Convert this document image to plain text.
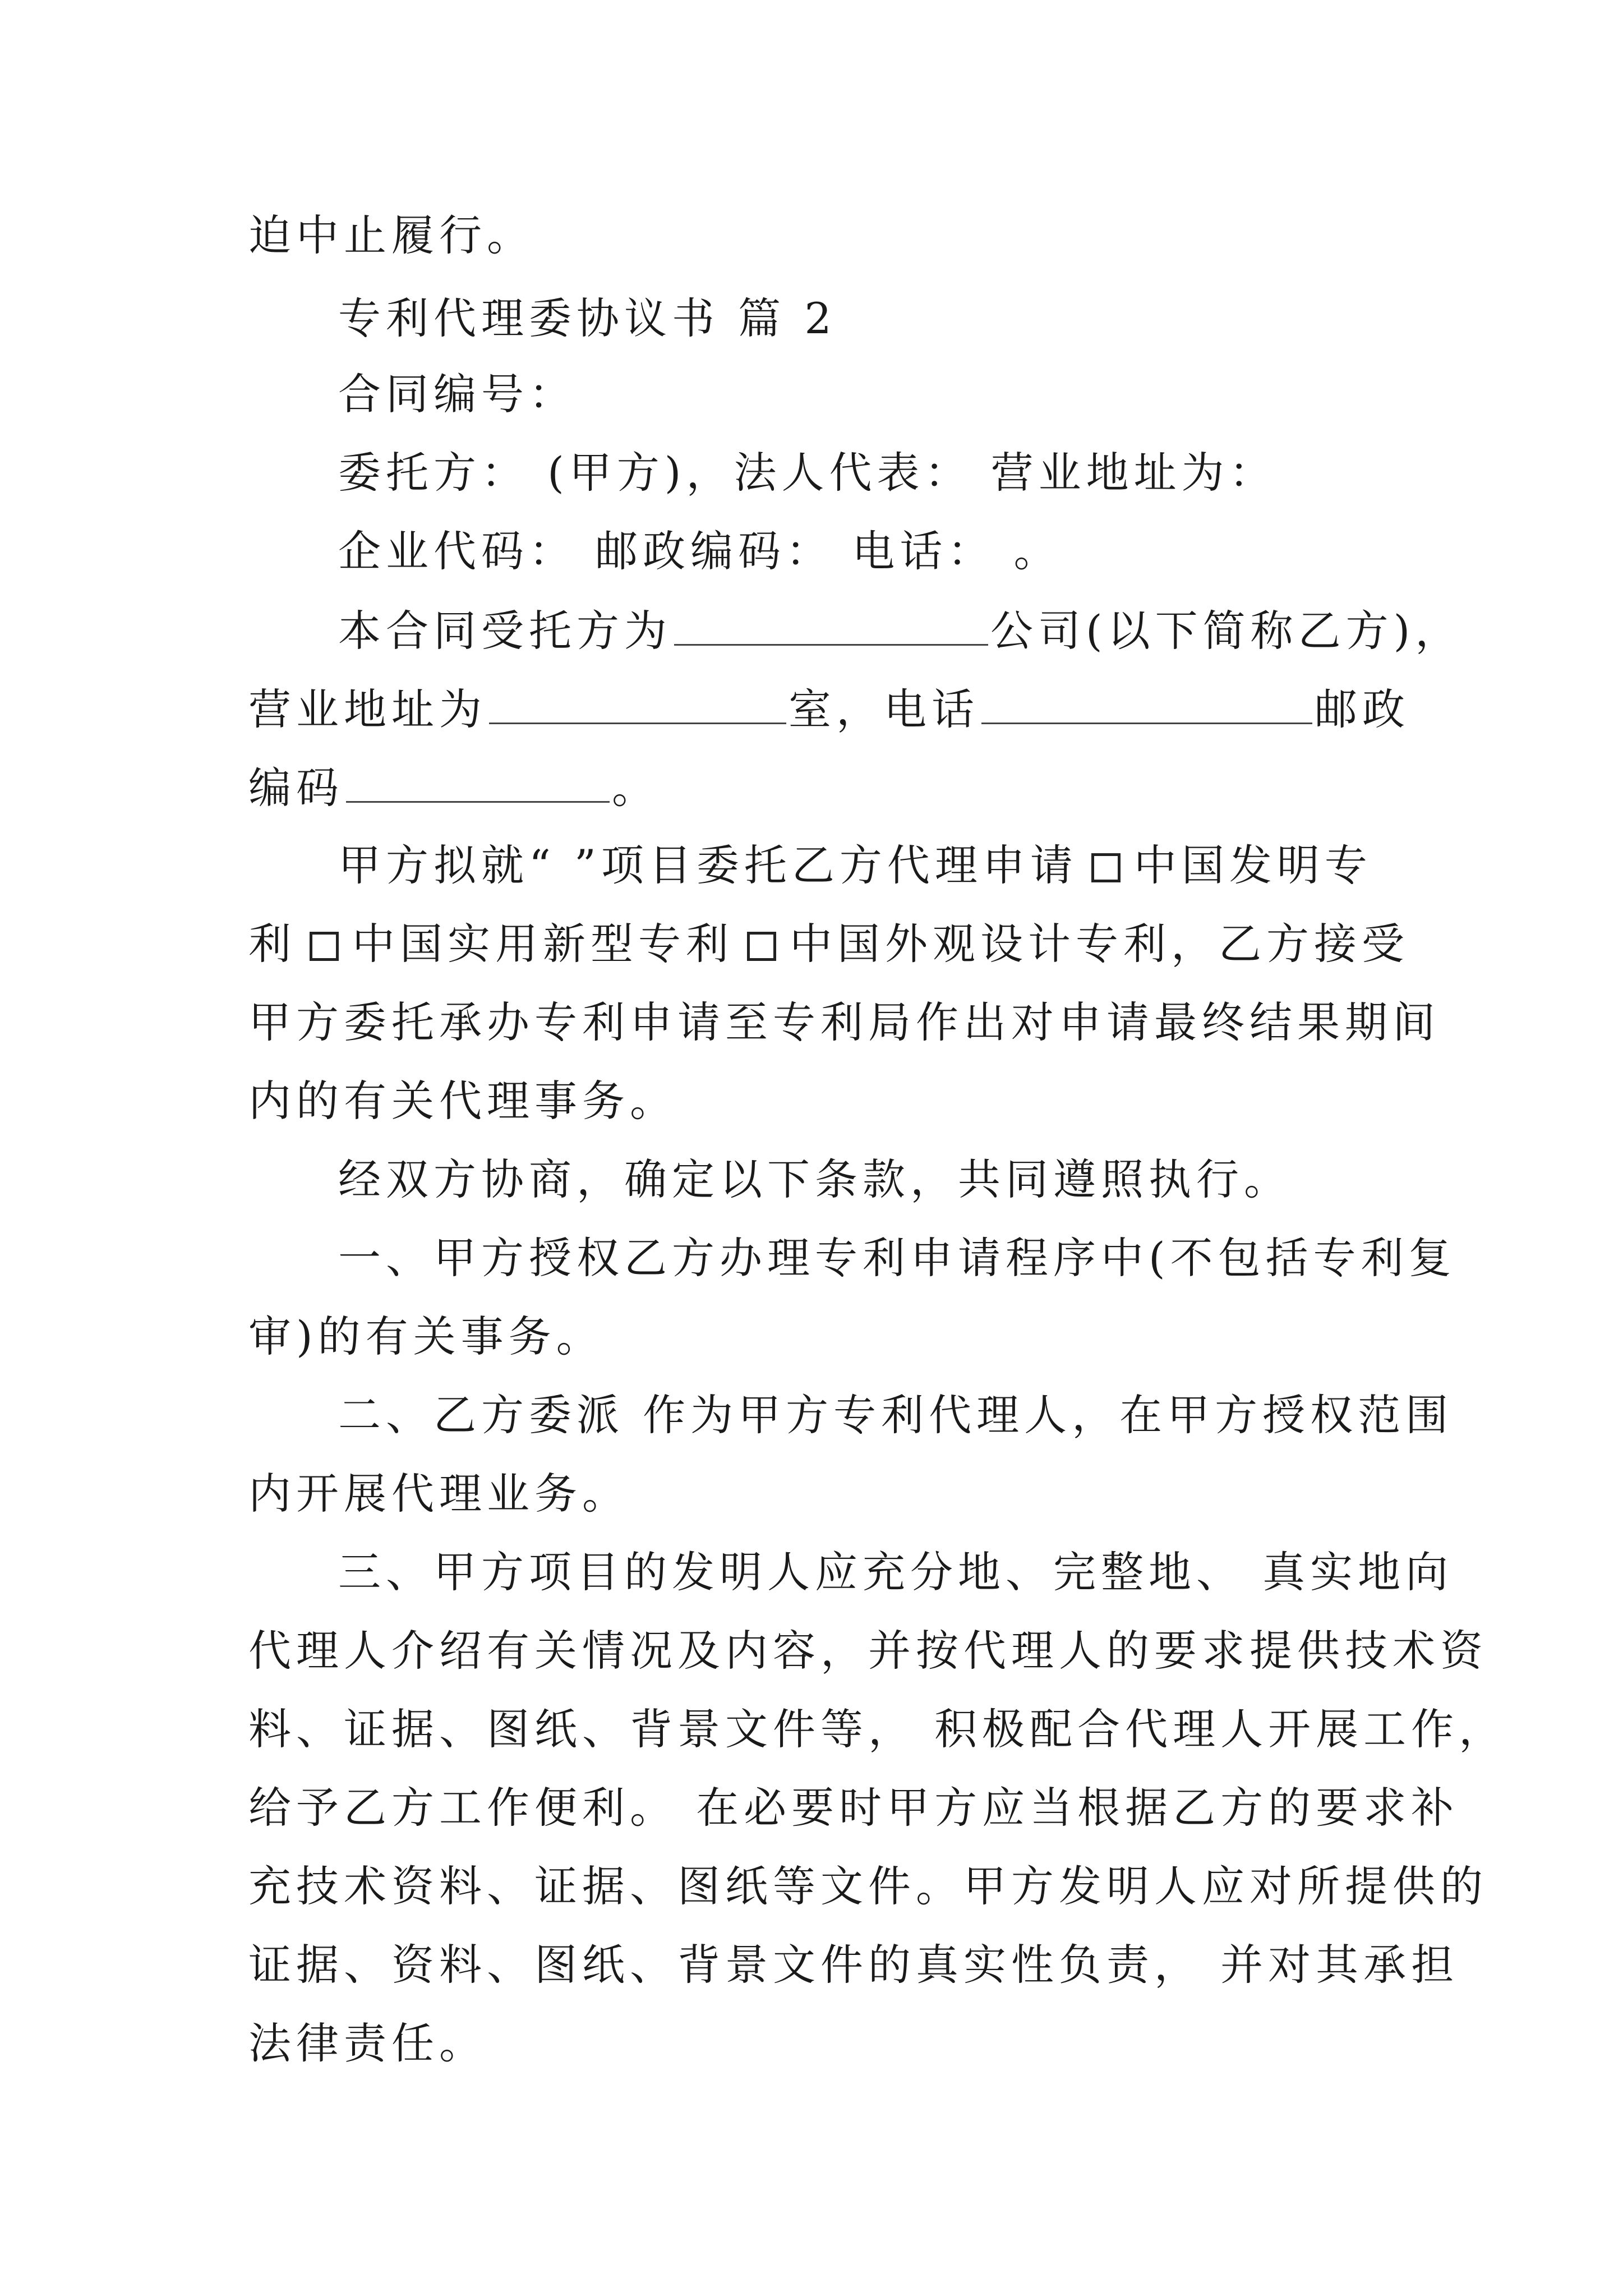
迫中止履行。
专利代理委协议书 篇 2
合同编号：
委托方： (甲方)，法人代表： 营业地址为：
企业代码： 邮政编码： 电话： 。
本合同受托方为	公司(以下简称乙方)，
营业地址为	室，电话	邮政
编码	。
甲方拟就“ ”项目委托乙方代理申请 中国发明专
利 中国实用新型专利 中国外观设计专利，乙方接受
甲方委托承办专利申请至专利局作出对申请最终结果期间
内的有关代理事务。
经双方协商，确定以下条款，共同遵照执行。
一、甲方授权乙方办理专利申请程序中(不包括专利复
审)的有关事务。
二、乙方委派 作为甲方专利代理人，在甲方授权范围
内开展代理业务。
三、甲方项目的发明人应充分地、完整地、 真实地向
代理人介绍有关情况及内容，并按代理人的要求提供技术资
料、证据、图纸、背景文件等， 积极配合代理人开展工作，
给予乙方工作便利。 在必要时甲方应当根据乙方的要求补
充技术资料、证据、图纸等文件。甲方发明人应对所提供的
证据、资料、图纸、背景文件的真实性负责， 并对其承担
法律责任。
